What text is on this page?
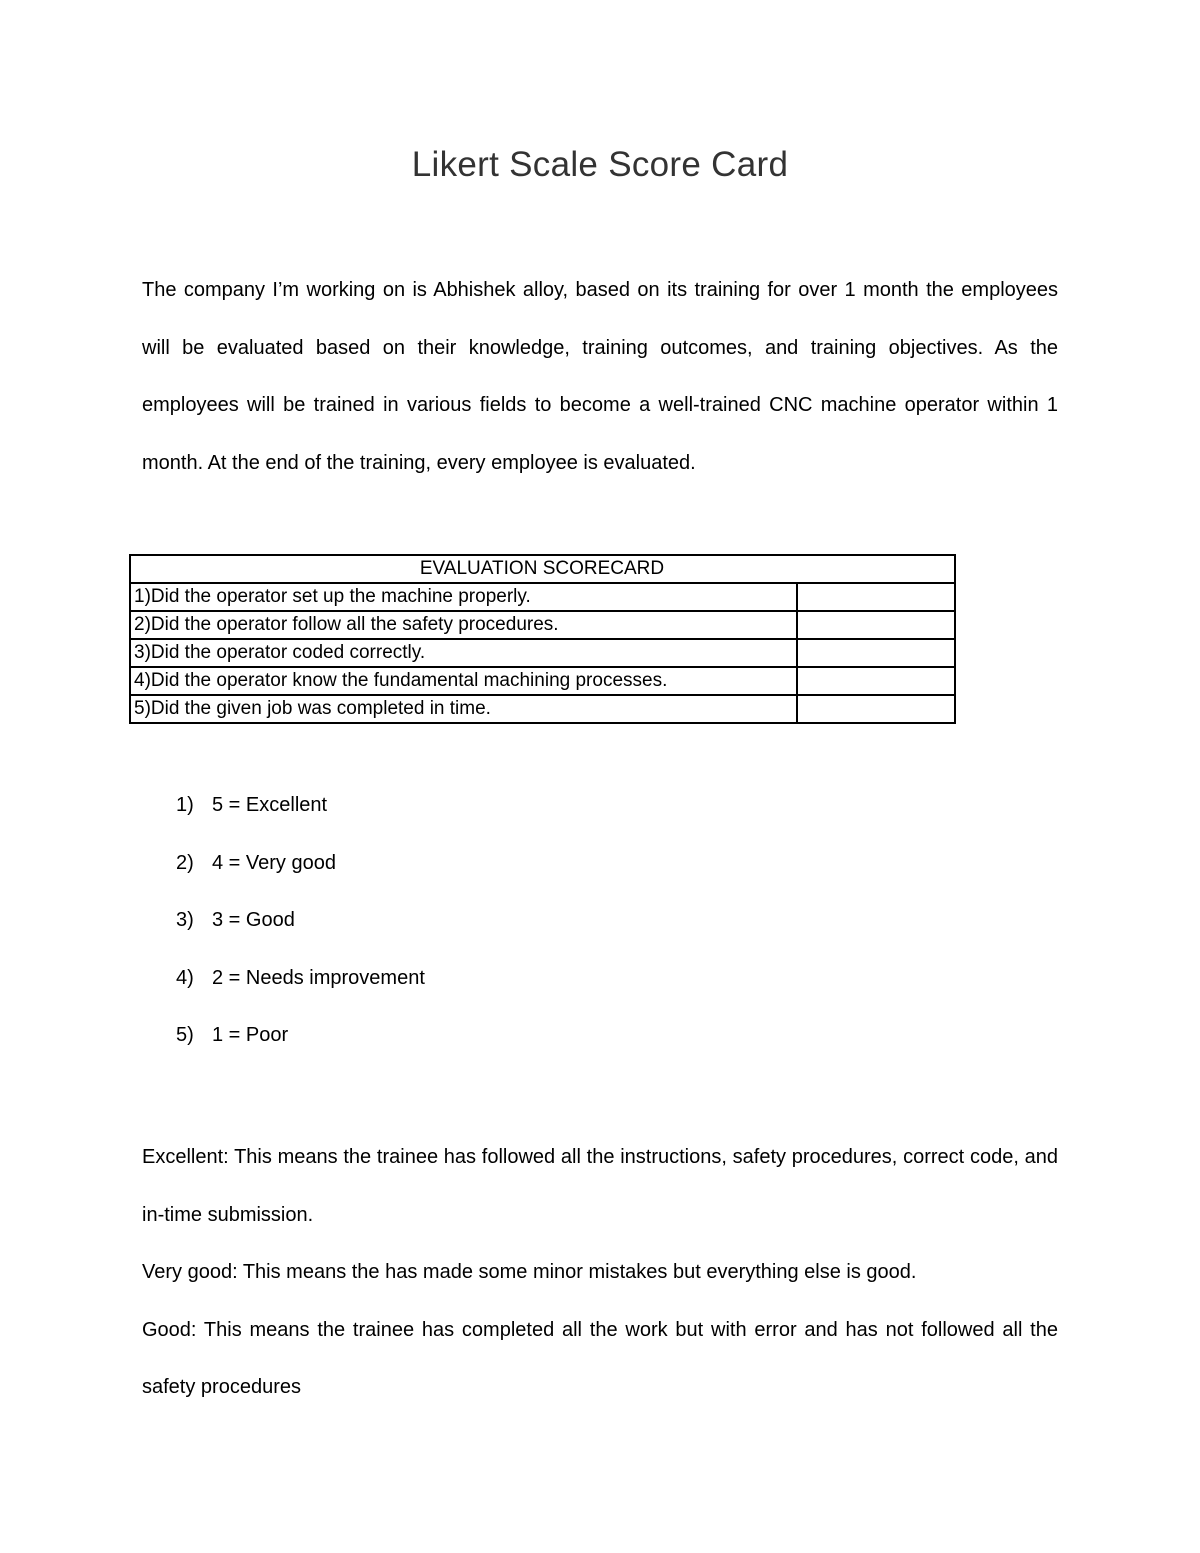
Likert Scale Score Card

The company I’m working on is Abhishek alloy, based on its training for over 1 month the employees will be evaluated based on their knowledge, training outcomes, and training objectives. As the employees will be trained in various fields to become a well-trained CNC machine operator within 1 month. At the end of the training, every employee is evaluated.

EVALUATION SCORECARD	
1)Did the operator set up the machine properly.	
2)Did the operator follow all the safety procedures.	
3)Did the operator coded correctly.	
4)Did the operator know the fundamental machining processes.	
5)Did the given job was completed in time.	
1) 5 = Excellent
2) 4 = Very good
3) 3 = Good
4) 2 = Needs improvement
5) 1 = Poor

Excellent: This means the trainee has followed all the instructions, safety procedures, correct code, and in-time submission.

Very good: This means the has made some minor mistakes but everything else is good.

Good: This means the trainee has completed all the work but with error and has not followed all the safety procedures
